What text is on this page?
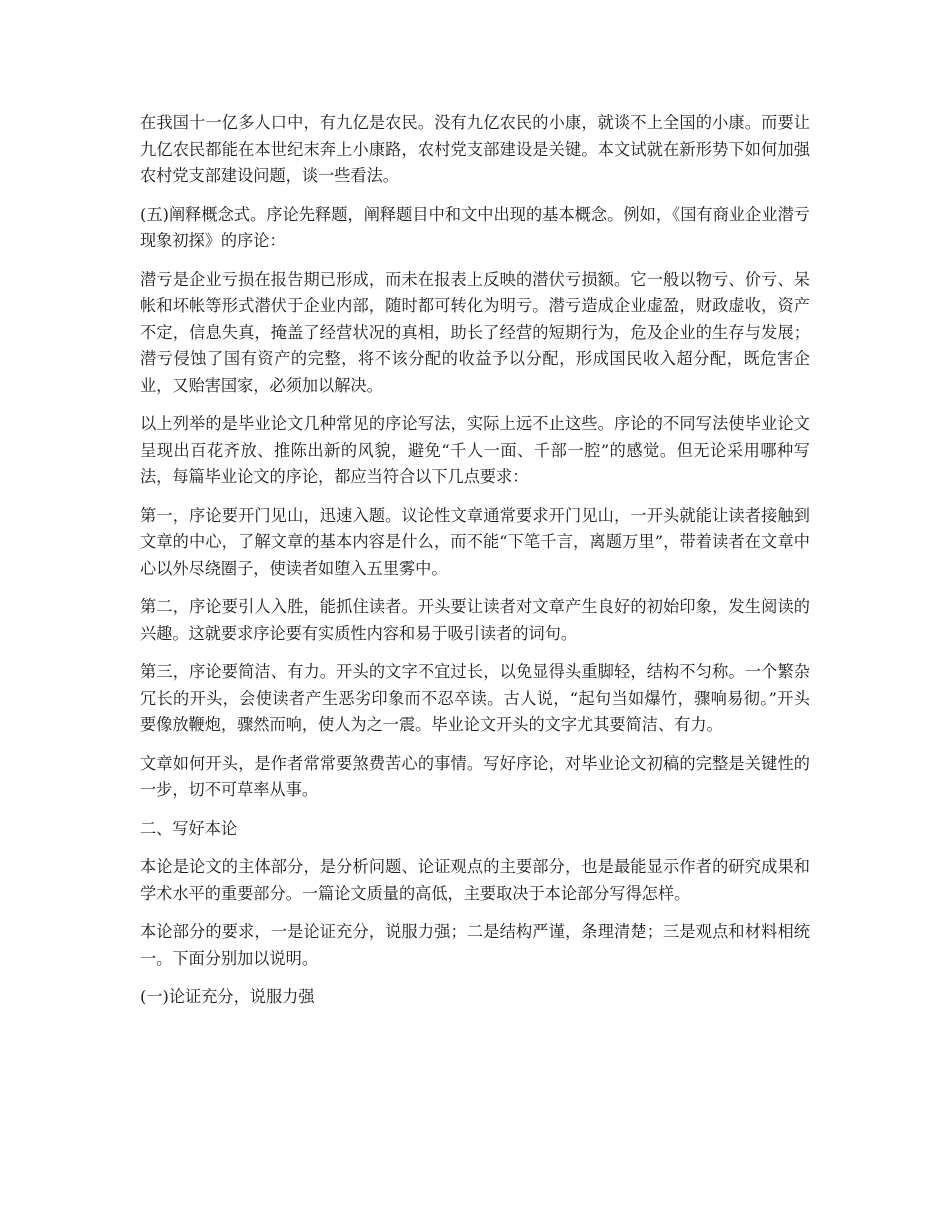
在我国十一亿多人口中，有九亿是农民。没有九亿农民的小康，就谈不上全国的小康。而要让九亿农民都能在本世纪末奔上小康路，农村党支部建设是关键。本文试就在新形势下如何加强农村党支部建设问题，谈一些看法。

(五)阐释概念式。序论先释题，阐释题目中和文中出现的基本概念。例如，《国有商业企业潜亏现象初探》的序论：

潜亏是企业亏损在报告期已形成，而未在报表上反映的潜伏亏损额。它一般以物亏、价亏、呆帐和坏帐等形式潜伏于企业内部，随时都可转化为明亏。潜亏造成企业虚盈，财政虚收，资产不定，信息失真，掩盖了经营状况的真相，助长了经营的短期行为，危及企业的生存与发展；潜亏侵蚀了国有资产的完整，将不该分配的收益予以分配，形成国民收入超分配，既危害企业，又贻害国家，必须加以解决。

以上列举的是毕业论文几种常见的序论写法，实际上远不止这些。序论的不同写法使毕业论文呈现出百花齐放、推陈出新的风貌，避免“千人一面、千部一腔”的感觉。但无论采用哪种写法，每篇毕业论文的序论，都应当符合以下几点要求：

第一，序论要开门见山，迅速入题。议论性文章通常要求开门见山，一开头就能让读者接触到文章的中心，了解文章的基本内容是什么，而不能“下笔千言，离题万里”，带着读者在文章中心以外尽绕圈子，使读者如堕入五里雾中。

第二，序论要引人入胜，能抓住读者。开头要让读者对文章产生良好的初始印象，发生阅读的兴趣。这就要求序论要有实质性内容和易于吸引读者的词句。

第三，序论要简洁、有力。开头的文字不宜过长，以免显得头重脚轻，结构不匀称。一个繁杂冗长的开头，会使读者产生恶劣印象而不忍卒读。古人说，“起句当如爆竹，骤响易彻。”开头要像放鞭炮，骤然而响，使人为之一震。毕业论文开头的文字尤其要简洁、有力。

文章如何开头，是作者常常要煞费苦心的事情。写好序论，对毕业论文初稿的完整是关键性的一步，切不可草率从事。

二、写好本论

本论是论文的主体部分，是分析问题、论证观点的主要部分，也是最能显示作者的研究成果和学术水平的重要部分。一篇论文质量的高低，主要取决于本论部分写得怎样。

本论部分的要求，一是论证充分，说服力强；二是结构严谨，条理清楚；三是观点和材料相统一。下面分别加以说明。

(一)论证充分，说服力强
